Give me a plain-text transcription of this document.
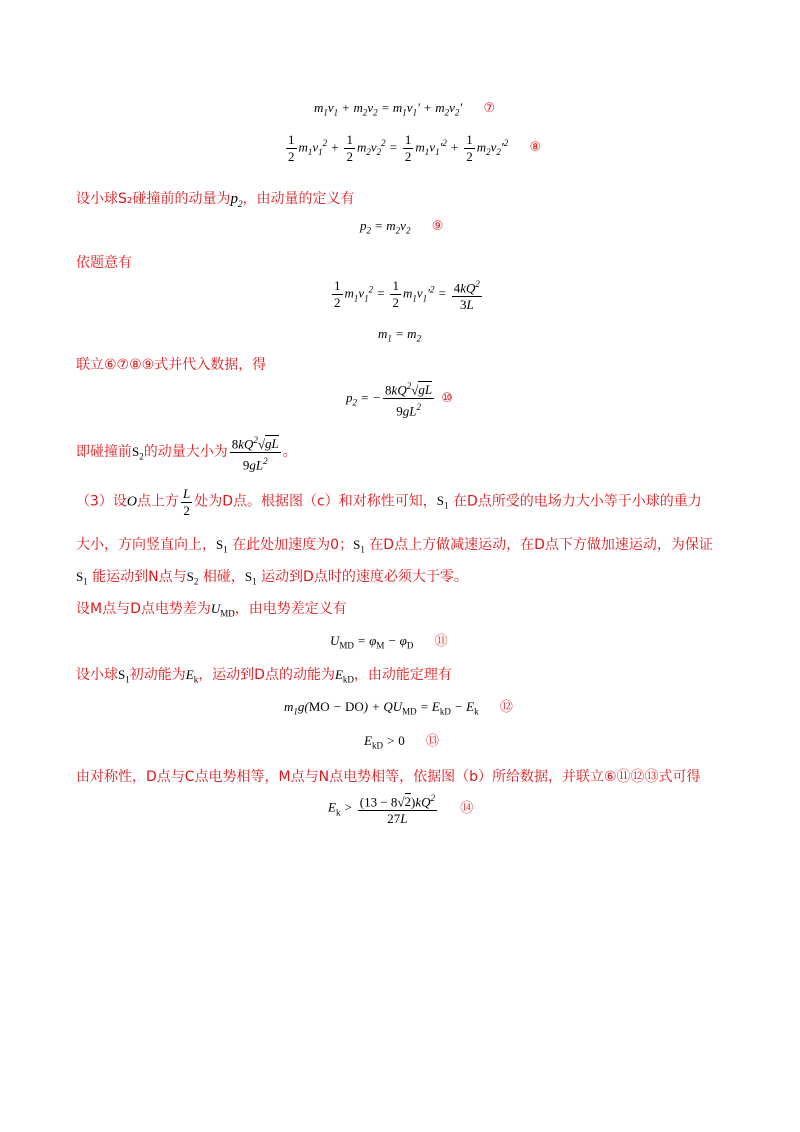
$m_1v_1 + m_2v_2 = m_1v_1' + m_2v_2'$ ⑦
$\frac{1}{2} m_1v_1^2 + \frac{1}{2} m_2v_2^2 = \frac{1}{2} m_1v_1'^2 + \frac{1}{2} m_2v_2'^2$ ⑧
设小球S₂碰撞前的动量为$p_2$，由动量的定义有
$p_2 = m_2v_2$ ⑨
依题意有
$\frac{1}{2} m_1v_1^2 = \frac{1}{2} m_1v_1'^2 = \frac{4kQ^2}{3L}$
$m_1 = m_2$
联立⑥⑦⑧⑨式并代入数据，得
$p_2$ = − $\frac{8kQ^2√gL}{9gL^2}$ ⑩
即碰撞前$S_2$的动量大小为 $\frac{8kQ^2√gL}{9gL^2}$ 。
（3）设O点上方 $\frac{L}{2}$ 处为D点。根据图（c）和对称性可知，$S_1$ 在D点所受的电场力大小等于小球的重力
大小，方向竖直向上，$S_1$ 在此处加速度为0；$S_1$ 在D点上方做减速运动，在D点下方做加速运动，为保证
$S_1$ 能运动到N点与$S_2$ 相碰，$S_1$ 运动到D点时的速度必须大于零。
设M点与D点电势差为$U_{MD}$，由电势差定义有
$U_{MD} = \varphi_M - \varphi_D$ ⑪
设小球$S_1$初动能为$E_k$，运动到D点的动能为$E_{kD}$，由动能定理有
$m_1g(MO - DO) + QU_{MD} = E_{kD} - E_k$ ⑫
$E_{kD} > 0$ ⑬
由对称性，D点与C点电势相等，M点与N点电势相等，依据图（b）所给数据，并联立⑥⑪⑫⑬式可得
$E_k > \frac{(13 - 8√2)kQ^2}{27L}$ ⑭
